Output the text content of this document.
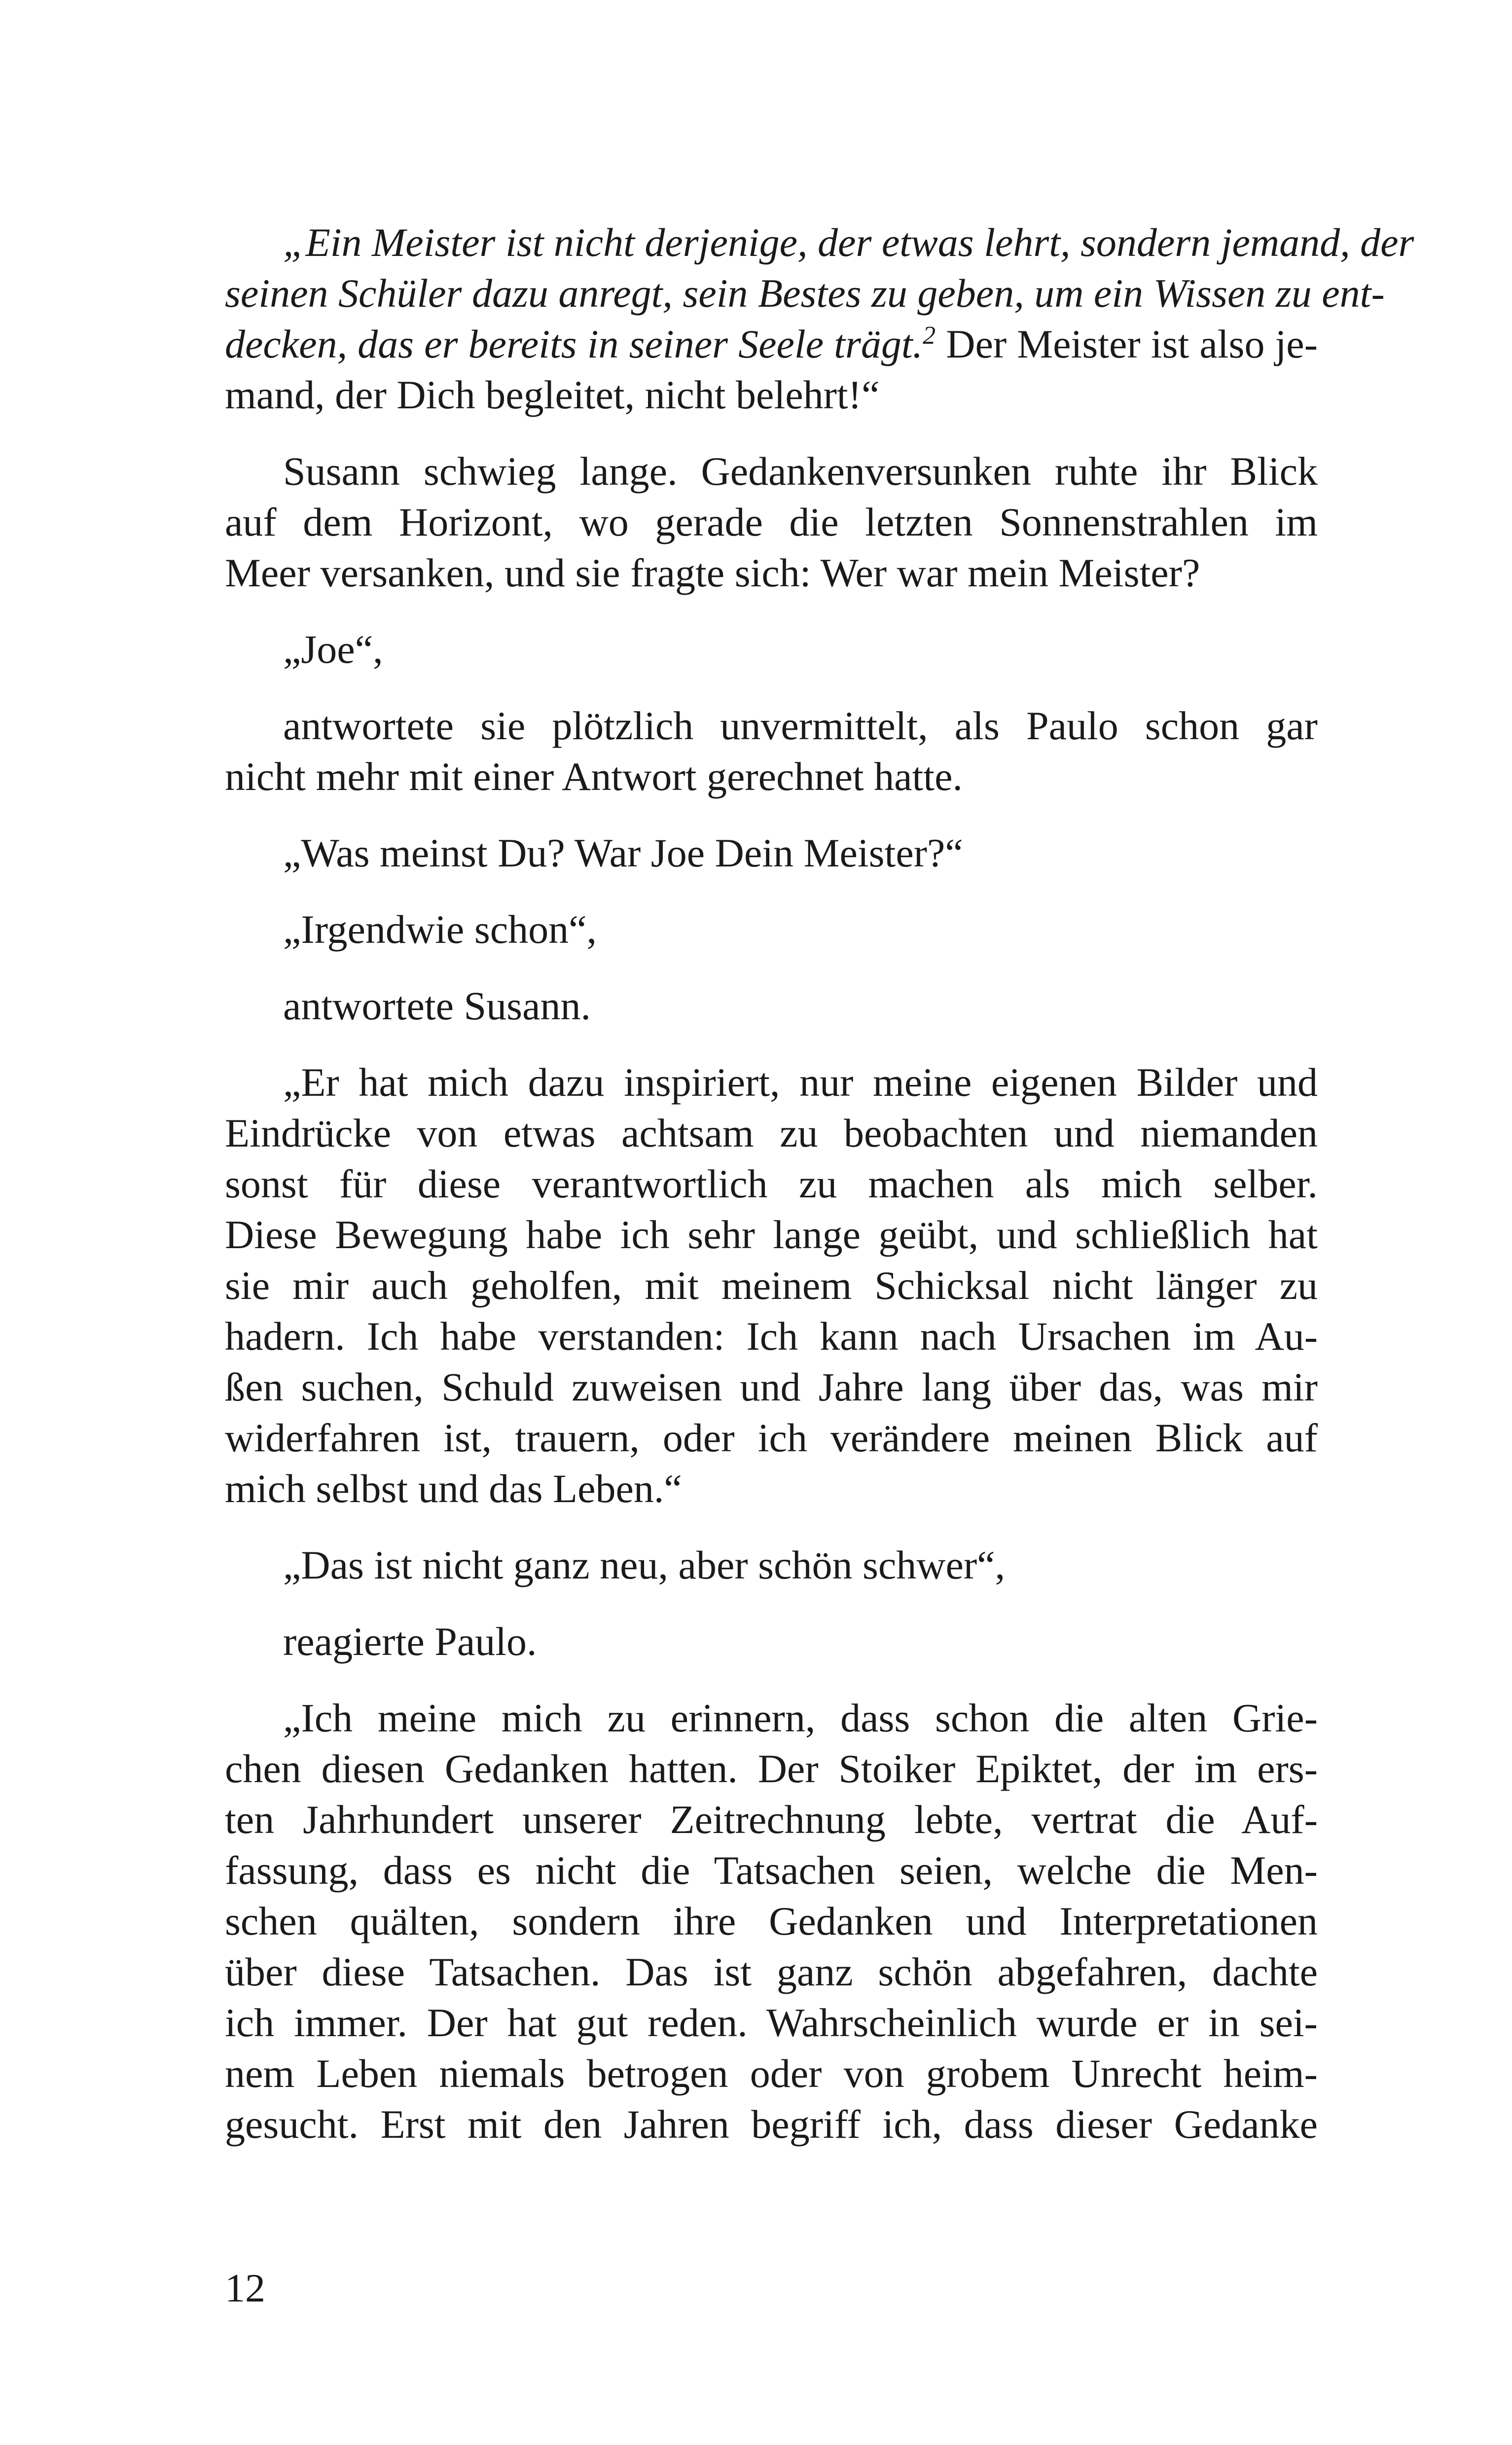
„Ein Meister ist nicht derjenige, der etwas lehrt, sondern jemand, der
seinen Schüler dazu anregt, sein Bestes zu geben, um ein Wissen zu ent-
decken, das er bereits in seiner Seele trägt.$^2$ Der Meister ist also je-
mand, der Dich begleitet, nicht belehrt!“
Susann schwieg lange. Gedankenversunken ruhte ihr Blick
auf dem Horizont, wo gerade die letzten Sonnenstrahlen im
Meer versanken, und sie fragte sich: Wer war mein Meister?
„Joe“,
antwortete sie plötzlich unvermittelt, als Paulo schon gar
nicht mehr mit einer Antwort gerechnet hatte.
„Was meinst Du? War Joe Dein Meister?“
„Irgendwie schon“,
antwortete Susann.
„Er hat mich dazu inspiriert, nur meine eigenen Bilder und
Eindrücke von etwas achtsam zu beobachten und niemanden
sonst für diese verantwortlich zu machen als mich selber.
Diese Bewegung habe ich sehr lange geübt, und schließlich hat
sie mir auch geholfen, mit meinem Schicksal nicht länger zu
hadern. Ich habe verstanden: Ich kann nach Ursachen im Au-
ßen suchen, Schuld zuweisen und Jahre lang über das, was mir
widerfahren ist, trauern, oder ich verändere meinen Blick auf
mich selbst und das Leben.“
„Das ist nicht ganz neu, aber schön schwer“,
reagierte Paulo.
„Ich meine mich zu erinnern, dass schon die alten Grie-
chen diesen Gedanken hatten. Der Stoiker Epiktet, der im ers-
ten Jahrhundert unserer Zeitrechnung lebte, vertrat die Auf-
fassung, dass es nicht die Tatsachen seien, welche die Men-
schen quälten, sondern ihre Gedanken und Interpretationen
über diese Tatsachen. Das ist ganz schön abgefahren, dachte
ich immer. Der hat gut reden. Wahrscheinlich wurde er in sei-
nem Leben niemals betrogen oder von grobem Unrecht heim-
gesucht. Erst mit den Jahren begriff ich, dass dieser Gedanke
12
